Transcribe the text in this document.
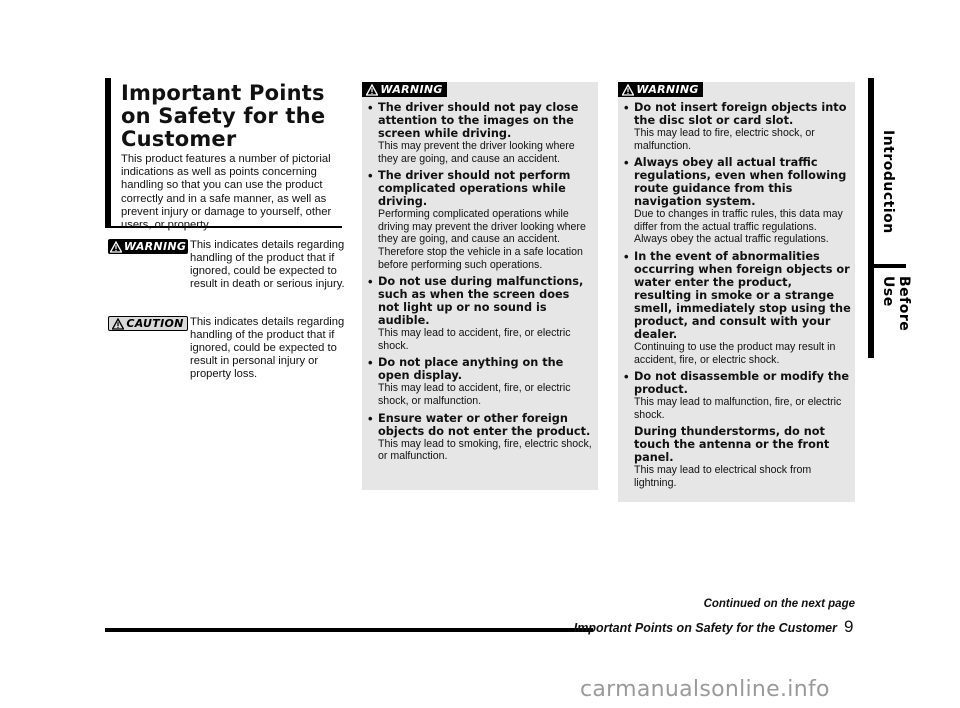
Important Points
on Safety for the
Customer
This product features a number of pictorial indications as well as points concerning handling so that you can use the product correctly and in a safe manner, as well as prevent injury or damage to yourself, other users, or property.
WARNING This indicates details regarding handling of the product that if ignored, could be expected to result in death or serious injury.
CAUTION This indicates details regarding handling of the product that if ignored, could be expected to result in personal injury or property loss.
WARNING
• The driver should not pay close attention to the images on the screen while driving.
This may prevent the driver looking where they are going, and cause an accident.
• The driver should not perform complicated operations while driving.
Performing complicated operations while driving may prevent the driver looking where they are going, and cause an accident.
Therefore stop the vehicle in a safe location before performing such operations.
• Do not use during malfunctions, such as when the screen does not light up or no sound is audible.
This may lead to accident, fire, or electric shock.
• Do not place anything on the open display.
This may lead to accident, fire, or electric shock, or malfunction.
• Ensure water or other foreign objects do not enter the product.
This may lead to smoking, fire, electric shock, or malfunction.
WARNING
• Do not insert foreign objects into the disc slot or card slot.
This may lead to fire, electric shock, or malfunction.
• Always obey all actual traffic regulations, even when following route guidance from this navigation system.
Due to changes in traffic rules, this data may differ from the actual traffic regulations.
Always obey the actual traffic regulations.
• In the event of abnormalities occurring when foreign objects or water enter the product, resulting in smoke or a strange smell, immediately stop using the product, and consult with your dealer.
Continuing to use the product may result in accident, fire, or electric shock.
• Do not disassemble or modify the product.
This may lead to malfunction, fire, or electric shock.
During thunderstorms, do not touch the antenna or the front panel.
This may lead to electrical shock from lightning.
Introduction
Before Use
Continued on the next page
Important Points on Safety for the Customer 9
carmanualsonline.info
